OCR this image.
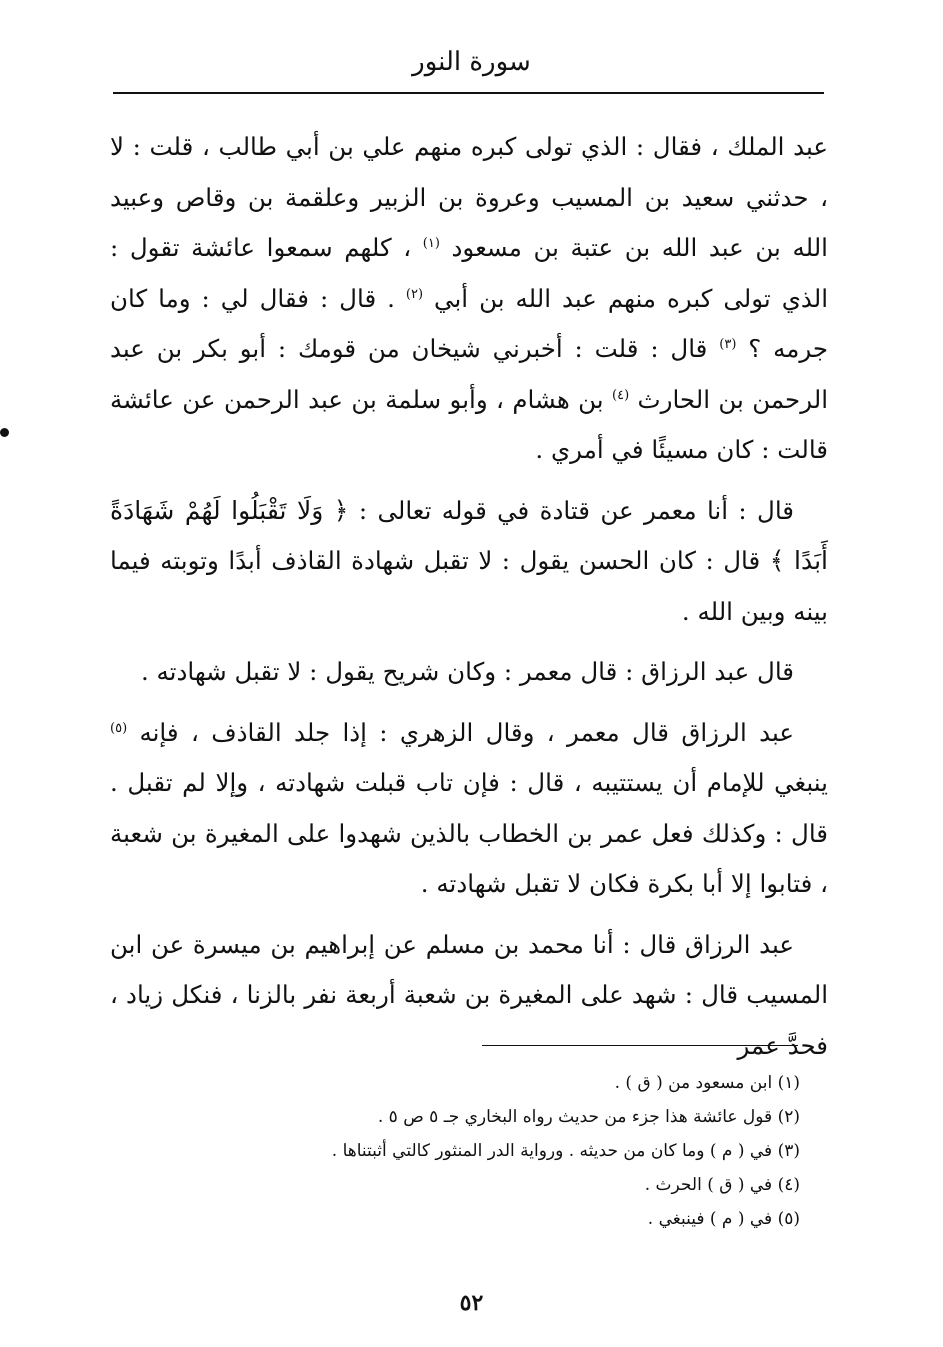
سورة النور

عبد الملك ، فقال : الذي تولى كبره منهم علي بن أبي طالب ، قلت : لا ، حدثني سعيد بن المسيب وعروة بن الزبير وعلقمة بن وقاص وعبيد الله بن عبد الله بن عتبة بن مسعود $^{(١)}$ ، كلهم سمعوا عائشة تقول : الذي تولى كبره منهم عبد الله بن أبي $^{(٢)}$ . قال : فقال لي : وما كان جرمه ؟ $^{(٣)}$ قال : قلت : أخبرني شيخان من قومك : أبو بكر بن عبد الرحمن بن الحارث $^{(٤)}$ بن هشام ، وأبو سلمة بن عبد الرحمن عن عائشة قالت : كان مسيئًا في أمري .

قال : أنا معمر عن قتادة في قوله تعالى : ﴿ وَلَا تَقْبَلُوا لَهُمْ شَهَادَةً أَبَدًا ﴾ قال : كان الحسن يقول : لا تقبل شهادة القاذف أبدًا وتوبته فيما بينه وبين الله .

قال عبد الرزاق : قال معمر : وكان شريح يقول : لا تقبل شهادته .

عبد الرزاق قال معمر ، وقال الزهري : إذا جلد القاذف ، فإنه $^{(٥)}$ ينبغي للإمام أن يستتيبه ، قال : فإن تاب قبلت شهادته ، وإلا لم تقبل . قال : وكذلك فعل عمر بن الخطاب بالذين شهدوا على المغيرة بن شعبة ، فتابوا إلا أبا بكرة فكان لا تقبل شهادته .

عبد الرزاق قال : أنا محمد بن مسلم عن إبراهيم بن ميسرة عن ابن المسيب قال : شهد على المغيرة بن شعبة أربعة نفر بالزنا ، فنكل زياد ، فحدَّ عمر

(١) ابن مسعود من ( ق ) .

(٢) قول عائشة هذا جزء من حديث رواه البخاري جـ ٥ ص ٥ .

(٣) في ( م ) وما كان من حديثه . ورواية الدر المنثور كالتي أثبتناها .

(٤) في ( ق ) الحرث .

(٥) في ( م ) فينبغي .

٥٢
